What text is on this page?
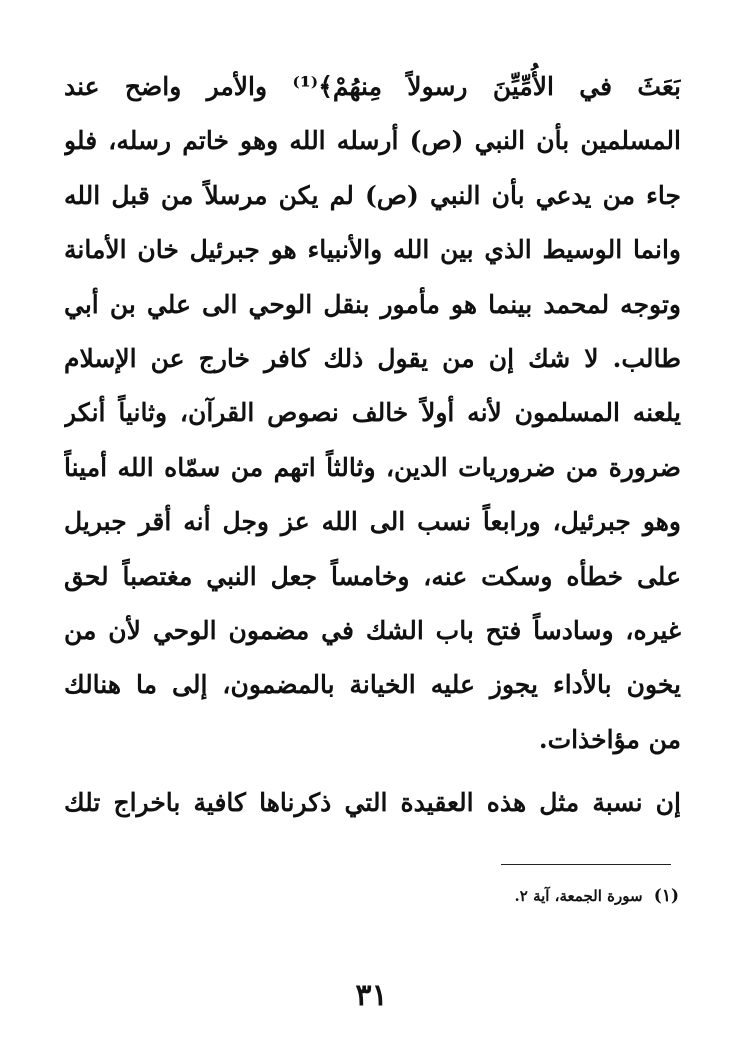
بَعَثَ في الأُمِّيِّنَ رسولاً مِنهُمْ﴾⁽¹⁾ والأمر واضح عند
المسلمين بأن النبي (ص) أرسله الله وهو خاتم رسله، فلو
جاء من يدعي بأن النبي (ص) لم يكن مرسلاً من قبل الله
وانما الوسيط الذي بين الله والأنبياء هو جبرئيل خان الأمانة
وتوجه لمحمد بينما هو مأمور بنقل الوحي الى علي بن أبي
طالب. لا شك إن من يقول ذلك كافر خارج عن الإسلام
يلعنه المسلمون لأنه أولاً خالف نصوص القرآن، وثانياً أنكر
ضرورة من ضروريات الدين، وثالثاً اتهم من سمّاه الله أميناً
وهو جبرئيل، ورابعاً نسب الى الله عز وجل أنه أقر جبريل
على خطأه وسكت عنه، وخامساً جعل النبي مغتصباً لحق
غيره، وسادساً فتح باب الشك في مضمون الوحي لأن من
يخون بالأداء يجوز عليه الخيانة بالمضمون، إلى ما هنالك
من مؤاخذات.
إن نسبة مثل هذه العقيدة التي ذكرناها كافية باخراج تلك
(١) سورة الجمعة، آية ٢.
٣١
